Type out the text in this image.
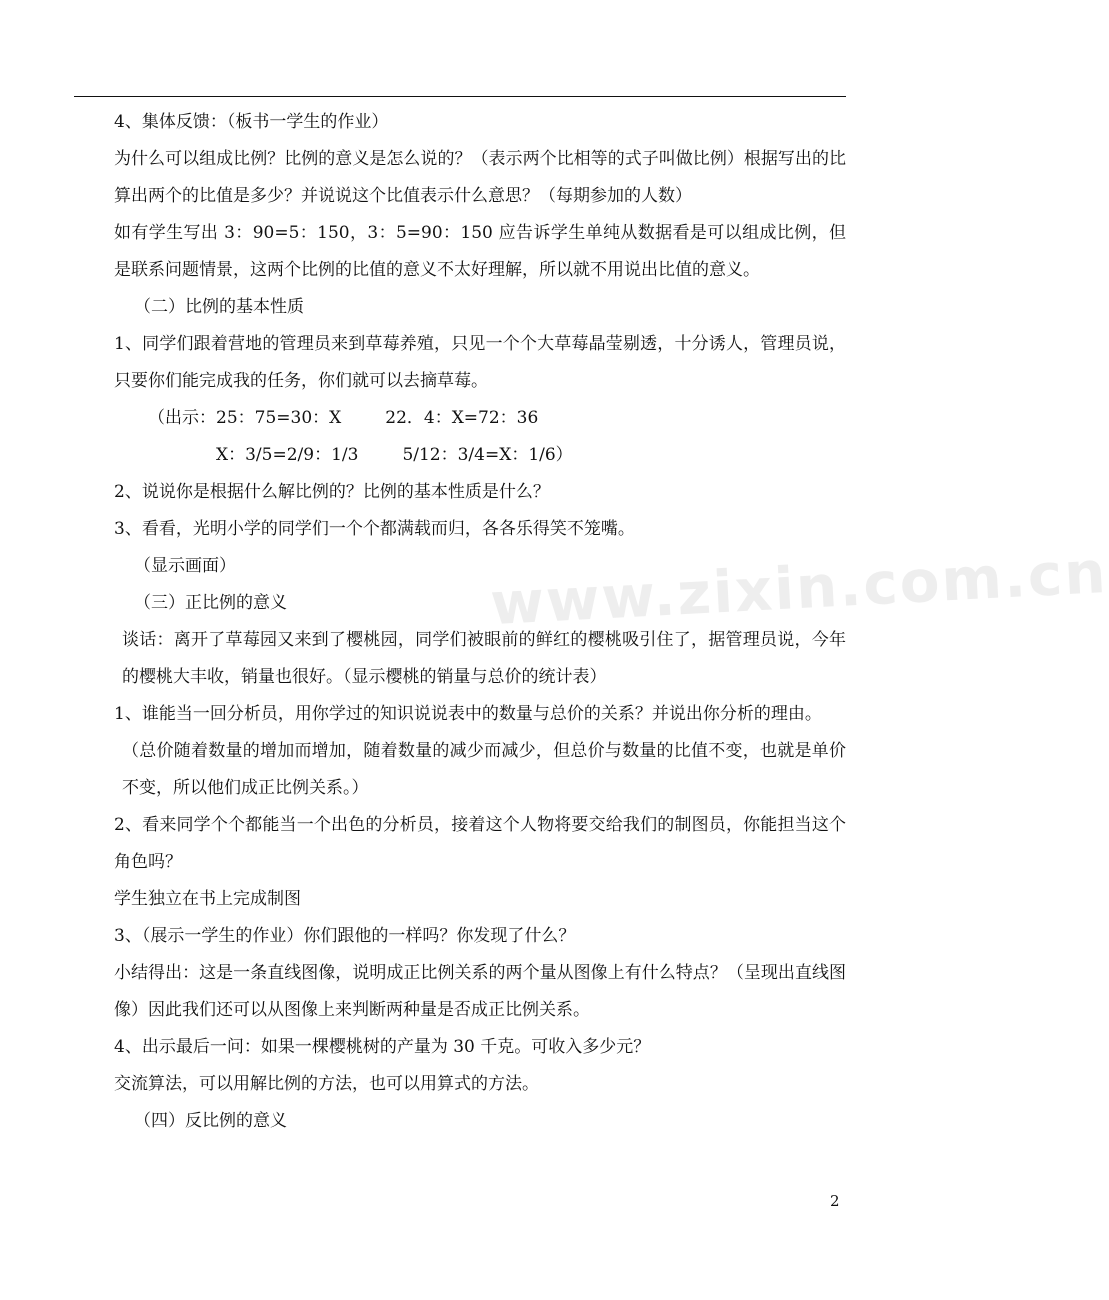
4、集体反馈：（板书一学生的作业）

为什么可以组成比例？比例的意义是怎么说的？（表示两个比相等的式子叫做比例）根据写出的比算出两个的比值是多少？并说说这个比值表示什么意思？（每期参加的人数）

如有学生写出 3：90=5：150，3：5=90：150 应告诉学生单纯从数据看是可以组成比例，但是联系问题情景，这两个比例的比值的意义不太好理解，所以就不用说出比值的意义。

（二）比例的基本性质

1、同学们跟着营地的管理员来到草莓养殖，只见一个个大草莓晶莹剔透，十分诱人，管理员说，只要你们能完成我的任务，你们就可以去摘草莓。

（出示：25：75=30：X	22．4：X=72：36

X：3/5=2/9：1/3	5/12：3/4=X：1/6）

2、说说你是根据什么解比例的？比例的基本性质是什么？

3、看看，光明小学的同学们一个个都满载而归，各各乐得笑不笼嘴。

（显示画面）

（三）正比例的意义

谈话：离开了草莓园又来到了樱桃园，同学们被眼前的鲜红的樱桃吸引住了，据管理员说，今年的樱桃大丰收，销量也很好。（显示樱桃的销量与总价的统计表）

1、谁能当一回分析员，用你学过的知识说说表中的数量与总价的关系？并说出你分析的理由。

（总价随着数量的增加而增加，随着数量的减少而减少，但总价与数量的比值不变，也就是单价不变，所以他们成正比例关系。）

2、看来同学个个都能当一个出色的分析员，接着这个人物将要交给我们的制图员，你能担当这个角色吗？

学生独立在书上完成制图

3、（展示一学生的作业）你们跟他的一样吗？你发现了什么？

小结得出：这是一条直线图像，说明成正比例关系的两个量从图像上有什么特点？（呈现出直线图像）因此我们还可以从图像上来判断两种量是否成正比例关系。

4、出示最后一问：如果一棵樱桃树的产量为 30 千克。可收入多少元？

交流算法，可以用解比例的方法，也可以用算式的方法。

（四）反比例的意义

www.zixin.com.cn
2
